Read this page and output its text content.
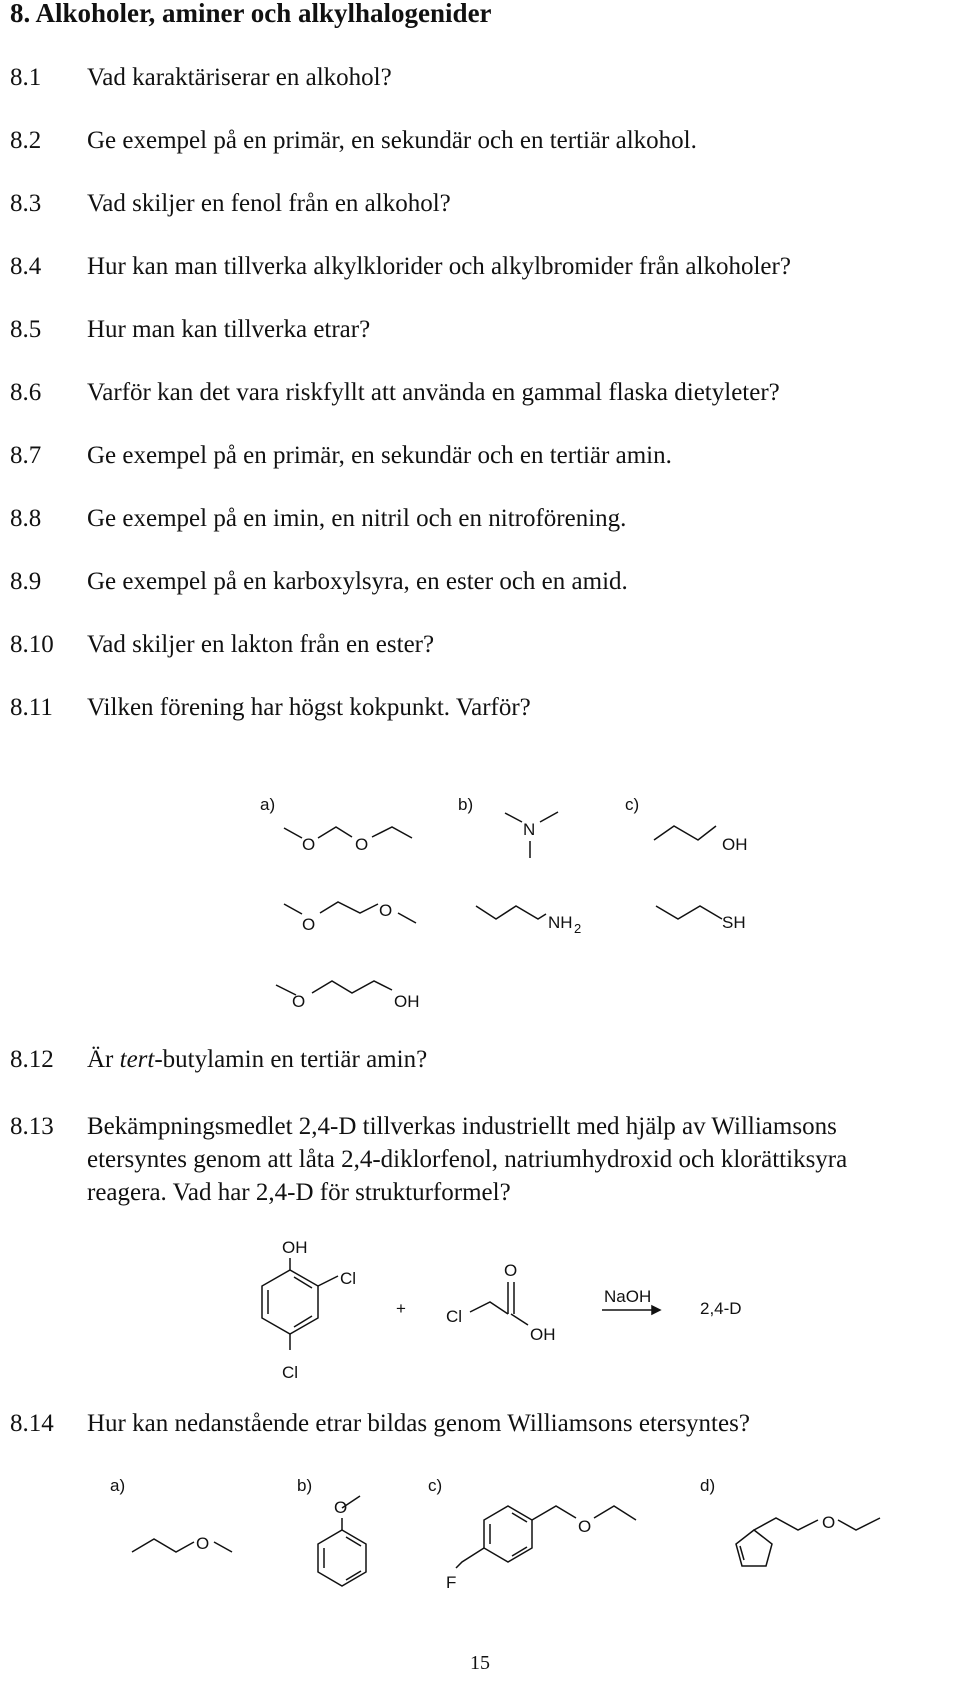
8. Alkoholer, aminer och alkylhalogenider
8.1 Vad karaktäriserar en alkohol?
8.2 Ge exempel på en primär, en sekundär och en tertiär alkohol.
8.3 Vad skiljer en fenol från en alkohol?
8.4 Hur kan man tillverka alkylklorider och alkylbromider från alkoholer?
8.5 Hur man kan tillverka etrar?
8.6 Varför kan det vara riskfyllt att använda en gammal flaska dietyleter?
8.7 Ge exempel på en primär, en sekundär och en tertiär amin.
8.8 Ge exempel på en imin, en nitril och en nitroförening.
8.9 Ge exempel på en karboxylsyra, en ester och en amid.
8.10 Vad skiljer en lakton från en ester?
8.11 Vilken förening har högst kokpunkt. Varför?
a)	b)	c)
O O
N
OH
O
O
NH 2	SH
O	OH
8.12 Är tert-butylamin en tertiär amin?
8.13 Bekämpningsmedlet 2,4-D tillverkas industriellt med hjälp av Williamsons
etersyntes genom att låta 2,4-diklorfenol, natriumhydroxid och klorättiksyra
reagera. Vad har 2,4-D för strukturformel?
OH
Cl
Cl
+ Cl
O
OH
NaOH
2,4-D
8.14 Hur kan nedanstående etrar bildas genom Williamsons etersyntes?
a)	b)	c)	d)
O
O
O
F
O
15
